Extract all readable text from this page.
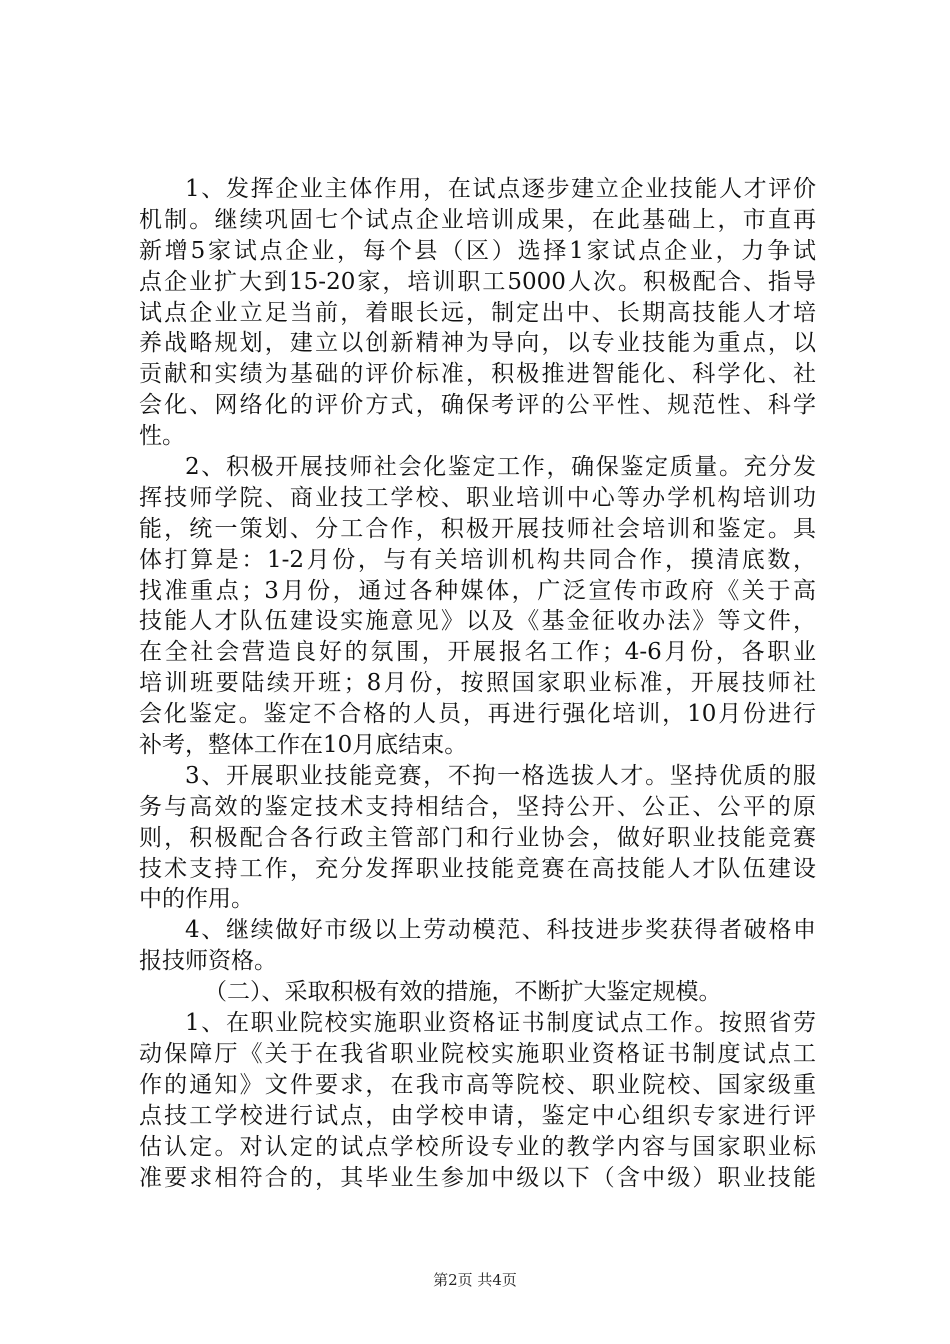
1、发挥企业主体作用，在试点逐步建立企业技能人才评价
机制。继续巩固七个试点企业培训成果，在此基础上，市直再
新增5家试点企业，每个县（区）选择1家试点企业，力争试
点企业扩大到15-20家，培训职工5000人次。积极配合、指导
试点企业立足当前，着眼长远，制定出中、长期高技能人才培
养战略规划，建立以创新精神为导向，以专业技能为重点，以
贡献和实绩为基础的评价标准，积极推进智能化、科学化、社
会化、网络化的评价方式，确保考评的公平性、规范性、科学
性。
2、积极开展技师社会化鉴定工作，确保鉴定质量。充分发
挥技师学院、商业技工学校、职业培训中心等办学机构培训功
能，统一策划、分工合作，积极开展技师社会培训和鉴定。具
体打算是：1-2月份，与有关培训机构共同合作，摸清底数，
找准重点；3月份，通过各种媒体，广泛宣传市政府《关于高
技能人才队伍建设实施意见》以及《基金征收办法》等文件，
在全社会营造良好的氛围，开展报名工作；4-6月份，各职业
培训班要陆续开班；8月份，按照国家职业标准，开展技师社
会化鉴定。鉴定不合格的人员，再进行强化培训，10月份进行
补考，整体工作在10月底结束。
3、开展职业技能竞赛，不拘一格选拔人才。坚持优质的服
务与高效的鉴定技术支持相结合，坚持公开、公正、公平的原
则，积极配合各行政主管部门和行业协会，做好职业技能竞赛
技术支持工作，充分发挥职业技能竞赛在高技能人才队伍建设
中的作用。
4、继续做好市级以上劳动模范、科技进步奖获得者破格申
报技师资格。
（二）、采取积极有效的措施，不断扩大鉴定规模。
1、在职业院校实施职业资格证书制度试点工作。按照省劳
动保障厅《关于在我省职业院校实施职业资格证书制度试点工
作的通知》文件要求，在我市高等院校、职业院校、国家级重
点技工学校进行试点，由学校申请，鉴定中心组织专家进行评
估认定。对认定的试点学校所设专业的教学内容与国家职业标
准要求相符合的，其毕业生参加中级以下（含中级）职业技能
第2页 共4页
